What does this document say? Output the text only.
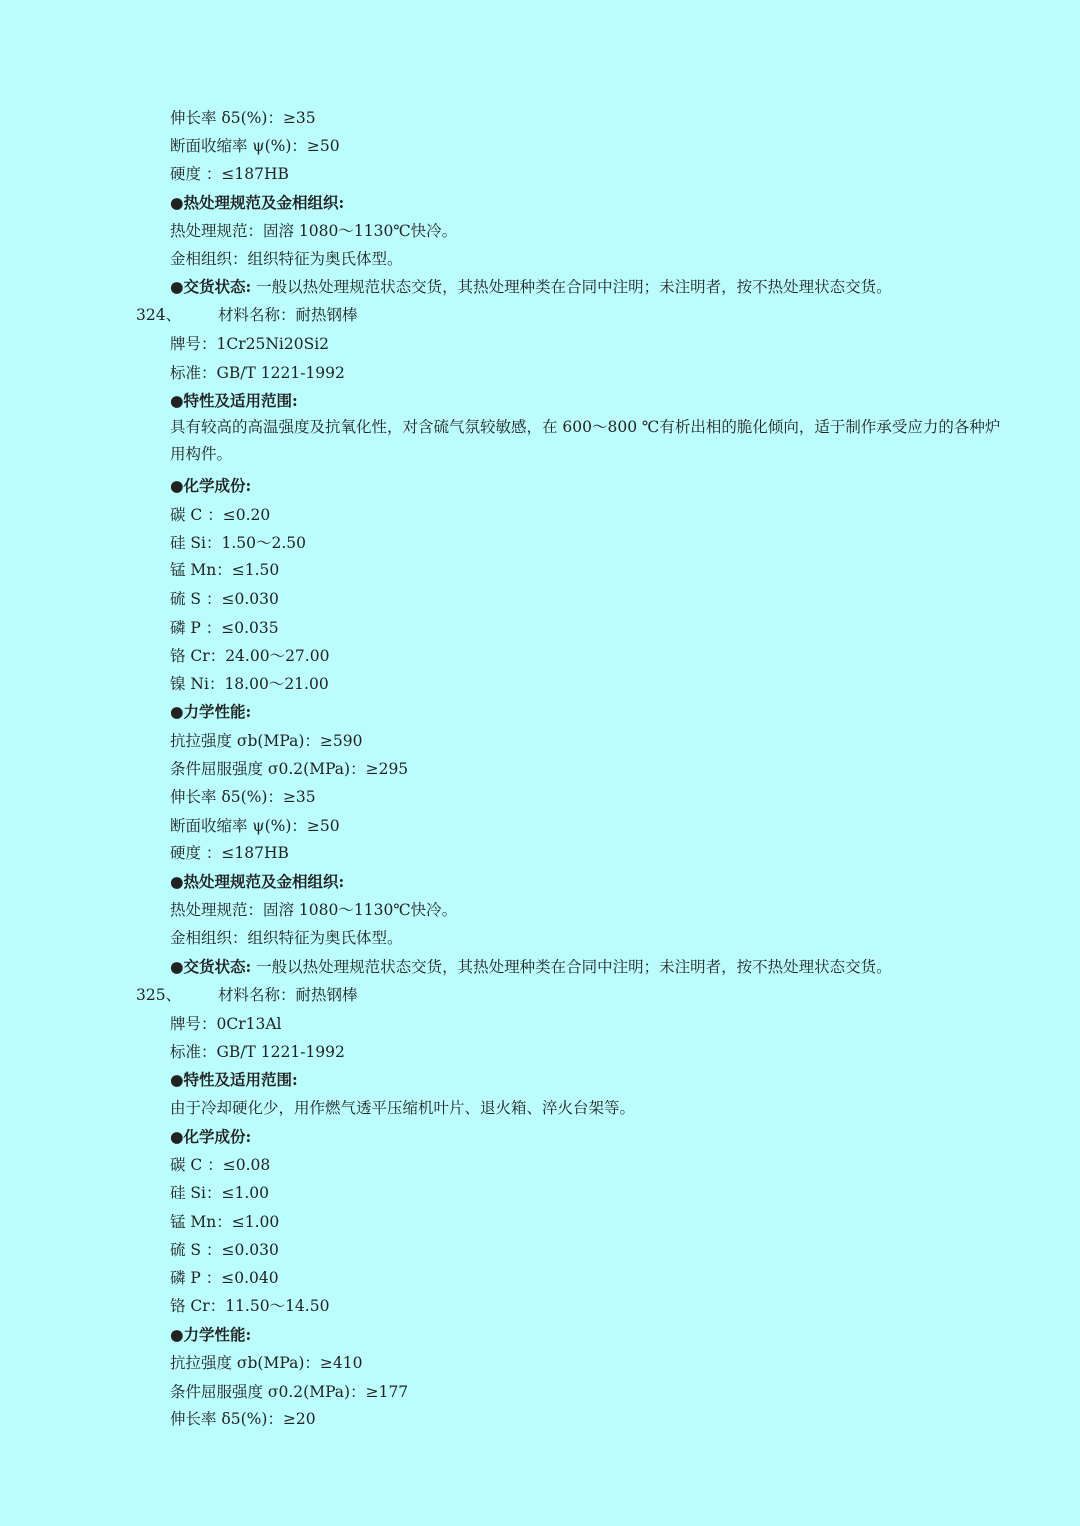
伸长率 δ5(%)：≥35
断面收缩率 ψ(%)：≥50
硬度 ：≤187HB
●热处理规范及金相组织:
热处理规范：固溶 1080～1130℃快冷。
金相组织：组织特征为奥氏体型。
●交货状态: 一般以热处理规范状态交货，其热处理种类在合同中注明；未注明者，按不热处理状态交货。
324、 材料名称：耐热钢棒
牌号：1Cr25Ni20Si2
标准：GB/T 1221-1992
●特性及适用范围:
具有较高的高温强度及抗氧化性，对含硫气氛较敏感，在 600～800 ℃有析出相的脆化倾向，适于制作承受应力的各种炉用构件。
●化学成份:
碳 C ：≤0.20
硅 Si：1.50～2.50
锰 Mn：≤1.50
硫 S ：≤0.030
磷 P ：≤0.035
铬 Cr：24.00～27.00
镍 Ni：18.00～21.00
●力学性能:
抗拉强度 σb(MPa)：≥590
条件屈服强度 σ0.2(MPa)：≥295
伸长率 δ5(%)：≥35
断面收缩率 ψ(%)：≥50
硬度 ：≤187HB
●热处理规范及金相组织:
热处理规范：固溶 1080～1130℃快冷。
金相组织：组织特征为奥氏体型。
●交货状态: 一般以热处理规范状态交货，其热处理种类在合同中注明；未注明者，按不热处理状态交货。
325、 材料名称：耐热钢棒
牌号：0Cr13Al
标准：GB/T 1221-1992
●特性及适用范围:
由于冷却硬化少，用作燃气透平压缩机叶片、退火箱、淬火台架等。
●化学成份:
碳 C ：≤0.08
硅 Si：≤1.00
锰 Mn：≤1.00
硫 S ：≤0.030
磷 P ：≤0.040
铬 Cr：11.50～14.50
●力学性能:
抗拉强度 σb(MPa)：≥410
条件屈服强度 σ0.2(MPa)：≥177
伸长率 δ5(%)：≥20
